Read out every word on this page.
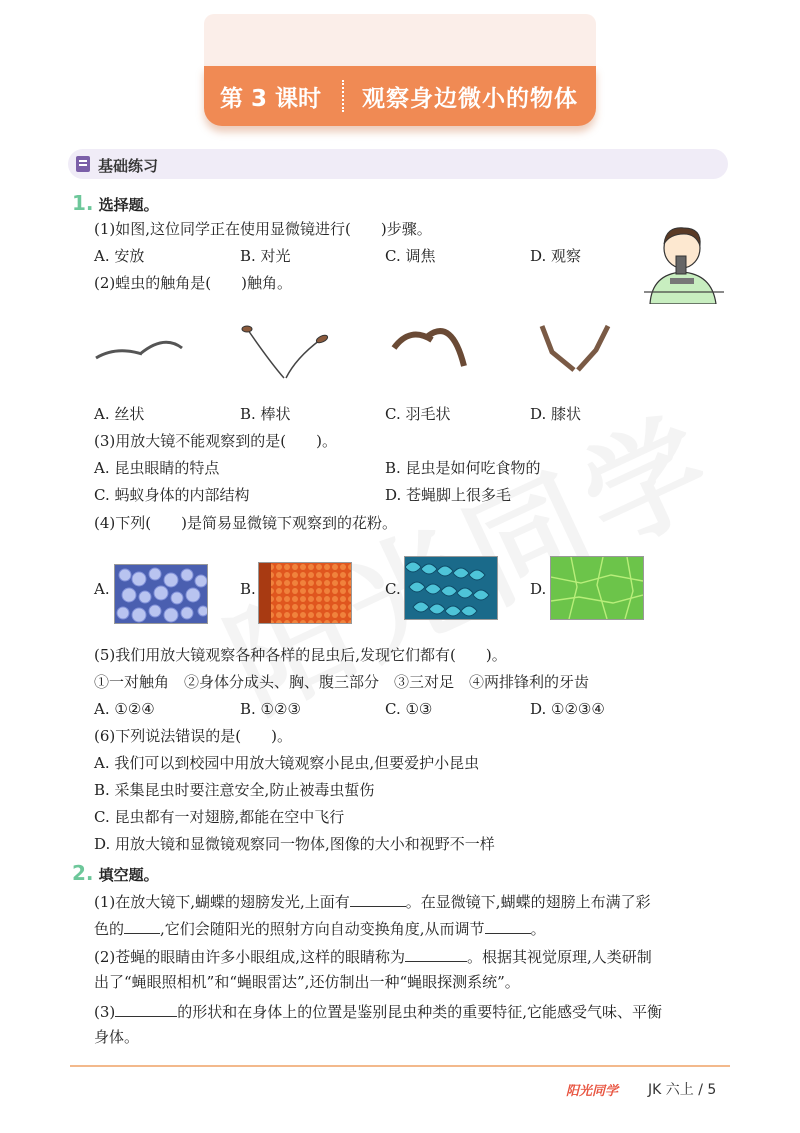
第 3 课时	观察身边微小的物体
基础练习
1. 选择题。
(1)如图,这位同学正在使用显微镜进行( )步骤。
A. 安放	B. 对光	C. 调焦	D. 观察
(2)蝗虫的触角是( )触角。
A. 丝状	B. 棒状	C. 羽毛状	D. 膝状
(3)用放大镜不能观察到的是( )。
A. 昆虫眼睛的特点	B. 昆虫是如何吃食物的
C. 蚂蚁身体的内部结构	D. 苍蝇脚上很多毛
(4)下列( )是简易显微镜下观察到的花粉。
A.	B.	C.	D.
(5)我们用放大镜观察各种各样的昆虫后,发现它们都有( )。
①一对触角　②身体分成头、胸、腹三部分　③三对足　④两排锋利的牙齿
A. ①②④	B. ①②③	C. ①③	D. ①②③④
(6)下列说法错误的是( )。
A. 我们可以到校园中用放大镜观察小昆虫,但要爱护小昆虫
B. 采集昆虫时要注意安全,防止被毒虫蜇伤
C. 昆虫都有一对翅膀,都能在空中飞行
D. 用放大镜和显微镜观察同一物体,图像的大小和视野不一样
2. 填空题。
(1)在放大镜下,蝴蝶的翅膀发光,上面有	。在显微镜下,蝴蝶的翅膀上布满了彩
色的 ,它们会随阳光的照射方向自动变换角度,从而调节	。
(2)苍蝇的眼睛由许多小眼组成,这样的眼睛称为	。根据其视觉原理,人类研制
出了“蝇眼照相机”和“蝇眼雷达”,还仿制出一种“蝇眼探测系统”。
(3)	的形状和在身体上的位置是鉴别昆虫种类的重要特征,它能感受气味、平衡
身体。
阳光同学 JK 六上 / 5
